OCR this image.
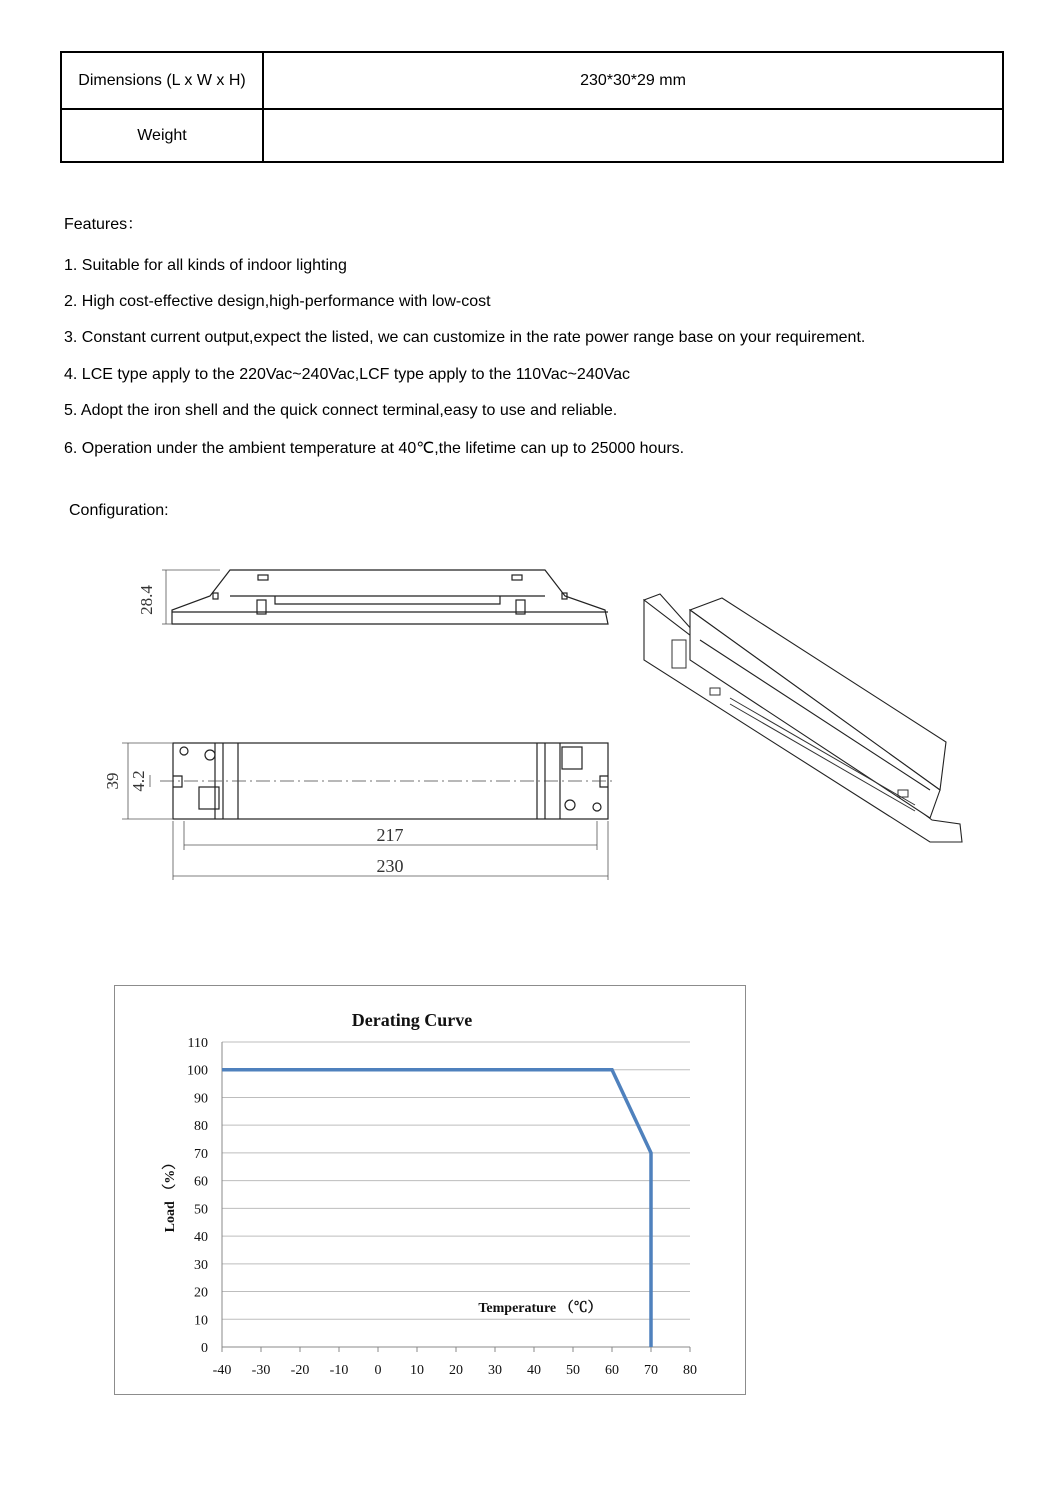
Dimensions (L x W x H)	230*30*29 mm
Weight
Features：
1. Suitable for all kinds of indoor lighting
2. High cost-effective design,high-performance with low-cost
3. Constant current output,expect the listed, we can customize in the rate power range base on your requirement.
4. LCE type apply to the 220Vac~240Vac,LCF type apply to the 110Vac~240Vac
5. Adopt the iron shell and the quick connect terminal,easy to use and reliable.
6. Operation under the ambient temperature at 40℃,the lifetime can up to 25000 hours.
Configuration:
28.4
39 4.2
217
230
0
10
20
30
40
50
60
70
80
90
100
110
-40 -30 -20 -10 0 10 20 30 40 50 60 70 80
Derating Curve
Load （%）
Temperature （℃）
